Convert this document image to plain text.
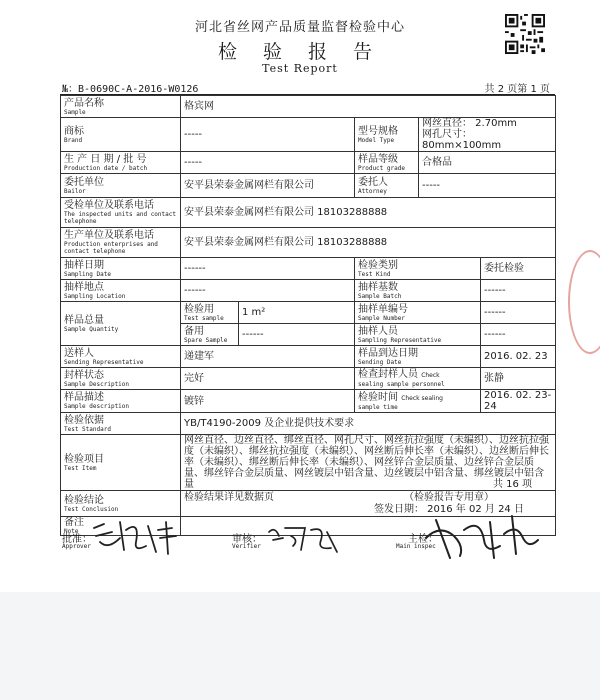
河北省丝网产品质量监督检验中心
检 验 报 告
Test Report
№：B-0690C-A-2016-W0126	共 2 页第 1 页
产品名称
Sample	格宾网				

商标
Brand	-----		型号规格
Model Type	网丝直径： 2.70mm
网孔尺寸： 80mm×100mm	

生 产 日 期 / 批 号
Production date / batch	-----		样品等级
Product grade	合格品	

委托单位
Bailor	安平县荣泰金属网栏有限公司		委托人
Attorney	-----	

受检单位及联系电话
The inspected units and contact telephone	安平县荣泰金属网栏有限公司 18103288888				

生产单位及联系电话
Production enterprises and contact telephone	安平县荣泰金属网栏有限公司 18103288888				

抽样日期
Sampling Date	------		检验类别
Test Kind		委托检验

抽样地点
Sampling Location	------		抽样基数
Sample Batch		------

样品总量
Sample Quantity	检验用
Test sample	1 m²	抽样单编号
Sample Number		------

	备用
Spare Sample	------	抽样人员
Sampling Representative		------

送样人
Sending Representative	递建军		样品到达日期
Sending Date		2016. 02. 23

封样状态
Sample Description	完好		检查封样人员 Check
sealing sample personnel		张静

样品描述
Sample description	镀锌		检验时间 Check sealing
sample time		2016. 02. 23-24

检验依据
Test Standard	YB/T4190-2009 及企业提供技术要求				

检验项目
Test Item	网丝直径、边丝直径、绑丝直径、网孔尺寸、网丝抗拉强度（未编织）、边丝抗拉强度（未编织）、绑丝抗拉强度（未编织）、网丝断后伸长率（未编织）、边丝断后伸长率（未编织）、绑丝断后伸长率（未编织）、网丝锌合金层质量、边丝锌合金层质量、绑丝锌合金层质量、网丝镀层中铝含量、边丝镀层中铝含量、绑丝镀层中铝含量 共 16 项				

检验结论
Test Conclusion	检验结果详见数据页 （检验报告专用章）
签发日期： 2016 年 02 月 24 日				

备注
Note					

批准：
Approver
审核：
Verifier
主检：
Main inspec
